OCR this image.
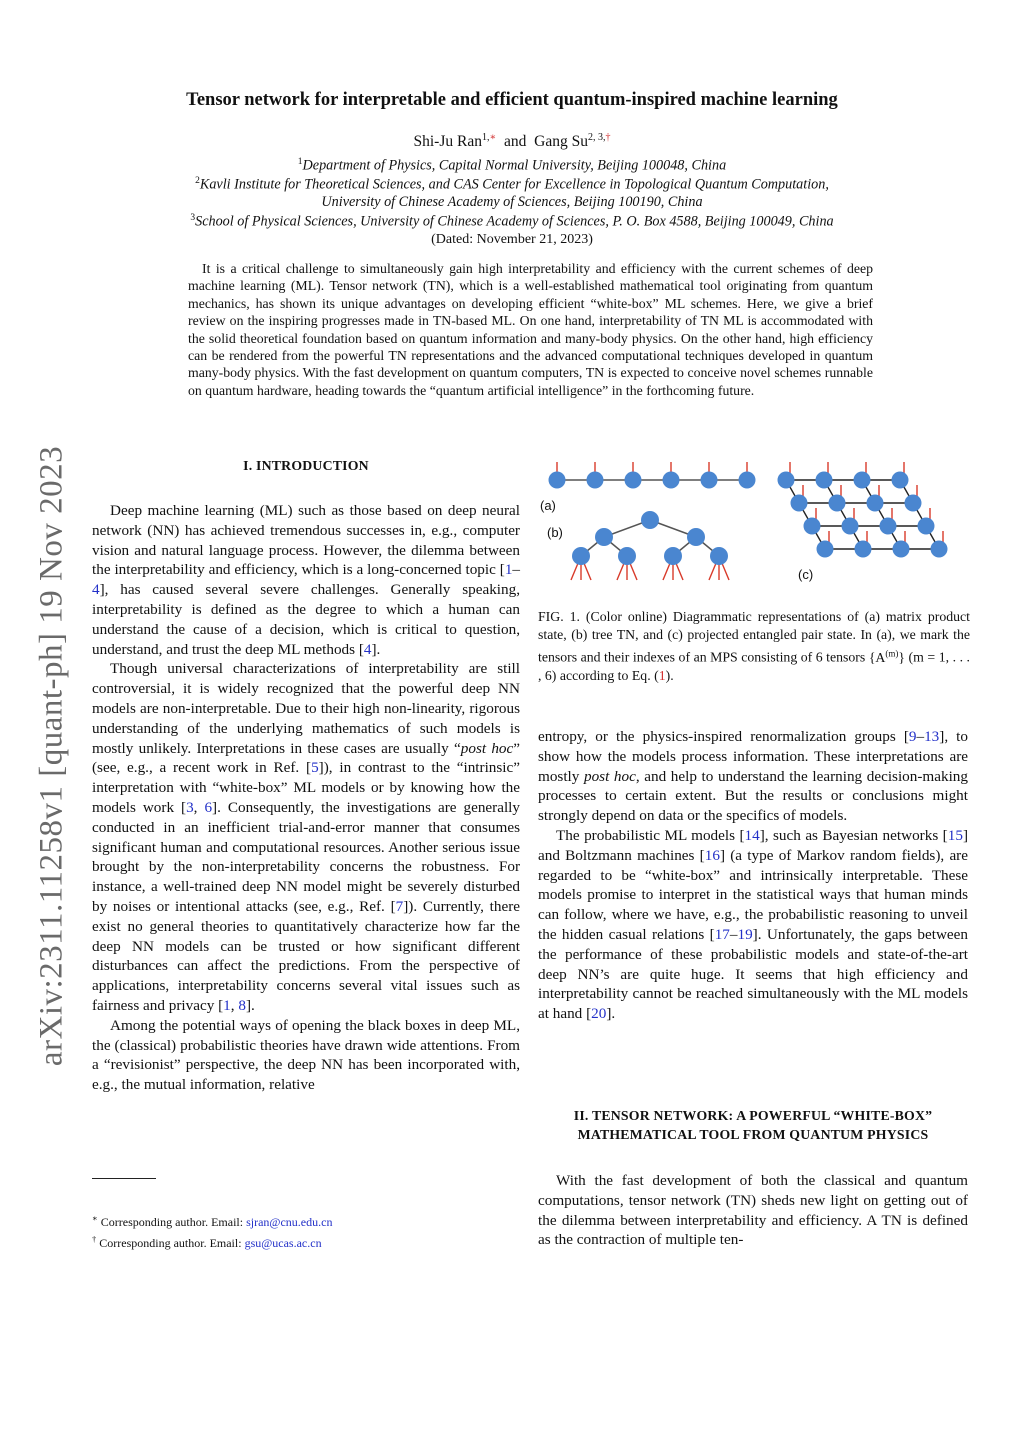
Tensor network for interpretable and efficient quantum-inspired machine learning
Shi-Ju Ran$^{1,∗}$ and Gang $Su^{2, 3,\dagger}$
$^1$Department of Physics, Capital Normal University, Beijing 100048, China
$^2$Kavli Institute for Theoretical Sciences, and CAS Center for Excellence in Topological Quantum Computation,
University of Chinese Academy of Sciences, Beijing 100190, China
$^3$School of Physical Sciences, University of Chinese Academy of Sciences, P. O. Box 4588, Beijing 100049, China
(Dated: November 21, 2023)
It is a critical challenge to simultaneously gain high interpretability and efficiency with the current schemes of deep machine learning (ML). Tensor network (TN), which is a well-established mathematical tool originating from quantum mechanics, has shown its unique advantages on developing efficient “white-box” ML schemes. Here, we give a brief review on the inspiring progresses made in TN-based ML. On one hand, interpretability of TN ML is accommodated with the solid theoretical foundation based on quantum information and many-body physics. On the other hand, high efficiency can be rendered from the powerful TN representations and the advanced computational techniques developed in quantum many-body physics. With the fast development on quantum computers, TN is expected to conceive novel schemes runnable on quantum hardware, heading towards the “quantum artificial intelligence” in the forthcoming future.
arXiv:2311.11258v1 [quant-ph] 19 Nov 2023	I. INTRODUCTION

Deep machine learning (ML) such as those based on deep neural network (NN) has achieved tremendous successes in, e.g., computer vision and natural language process. However, the dilemma between the interpretability and efficiency, which is a long-concerned topic [1–4], has caused several severe challenges. Generally speaking, interpretability is defined as the degree to which a human can understand the cause of a decision, which is critical to question, understand, and trust the deep ML methods [4].

Though universal characterizations of interpretability are still controversial, it is widely recognized that the powerful deep NN models are non-interpretable. Due to their high non-linearity, rigorous understanding of the underlying mathematics of such models is mostly unlikely. Interpretations in these cases are usually “post hoc” (see, e.g., a recent work in Ref. [5]), in contrast to the “intrinsic” interpretation with “white-box” ML models or by knowing how the models work [3, 6]. Consequently, the investigations are generally conducted in an inefficient trial-and-error manner that consumes significant human and computational resources. Another serious issue brought by the non-interpretability concerns the robustness. For instance, a well-trained deep NN model might be severely disturbed by noises or intentional attacks (see, e.g., Ref. [7]). Currently, there exist no general theories to quantitatively characterize how far the deep NN models can be trusted or how significant different disturbances can affect the predictions. From the perspective of applications, interpretability concerns several vital issues such as fairness and privacy [1, 8].

Among the potential ways of opening the black boxes in deep ML, the (classical) probabilistic theories have drawn wide attentions. From a “revisionist” perspective, the deep NN has been incorporated with, e.g., the mutual information, relative

∗ Corresponding author. Email: sjran@cnu.edu.cn
† Corresponding author. Email: gsu@ucas.ac.cn
(a)
(b)
(c)
FIG. 1. (Color online) Diagrammatic representations of (a) matrix product state, (b) tree TN, and (c) projected entangled pair state. In (a), we mark the tensors and their indexes of an MPS consisting of 6 tensors $\{A^{(m)}\} (m = 1$, . . . , 6) according to Eq. (1).

entropy, or the physics-inspired renormalization groups [9–13], to show how the models process information. These interpretations are mostly post hoc, and help to understand the learning decision-making processes to certain extent. But the results or conclusions might strongly depend on data or the specifics of models.

The probabilistic ML models [14], such as Bayesian networks [15] and Boltzmann machines [16] (a type of Markov random fields), are regarded to be “white-box” and intrinsically interpretable. These models promise to interpret in the statistical ways that human minds can follow, where we have, e.g., the probabilistic reasoning to unveil the hidden casual relations [17–19]. Unfortunately, the gaps between the performance of these probabilistic models and state-of-the-art deep NN’s are quite huge. It seems that high efficiency and interpretability cannot be reached simultaneously with the ML models at hand [20].

II. TENSOR NETWORK: A POWERFUL “WHITE-BOX”
MATHEMATICAL TOOL FROM QUANTUM PHYSICS

With the fast development of both the classical and quantum computations, tensor network (TN) sheds new light on getting out of the dilemma between interpretability and efficiency. A TN is defined as the contraction of multiple ten-
